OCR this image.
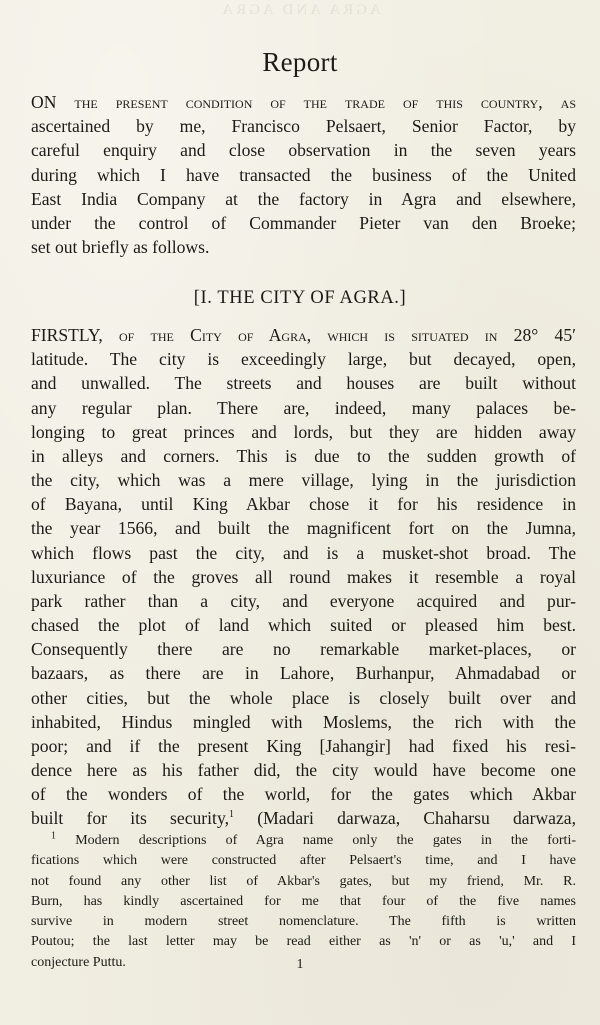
AGRA AND AGRA
Report
ON the present condition of the trade of this country, as
ascertained by me, Francisco Pelsaert, Senior Factor, by
careful enquiry and close observation in the seven years
during which I have transacted the business of the United
East India Company at the factory in Agra and elsewhere,
under the control of Commander Pieter van den Broeke;
set out briefly as follows.
[I. THE CITY OF AGRA.]
FIRSTLY, of the City of Agra, which is situated in 28° 45′
latitude. The city is exceedingly large, but decayed, open,
and unwalled. The streets and houses are built without
any regular plan. There are, indeed, many palaces be-
longing to great princes and lords, but they are hidden away
in alleys and corners. This is due to the sudden growth of
the city, which was a mere village, lying in the jurisdiction
of Bayana, until King Akbar chose it for his residence in
the year 1566, and built the magnificent fort on the Jumna,
which flows past the city, and is a musket-shot broad. The
luxuriance of the groves all round makes it resemble a royal
park rather than a city, and everyone acquired and pur-
chased the plot of land which suited or pleased him best.
Consequently there are no remarkable market-places, or
bazaars, as there are in Lahore, Burhanpur, Ahmadabad or
other cities, but the whole place is closely built over and
inhabited, Hindus mingled with Moslems, the rich with the
poor; and if the present King [Jahangir] had fixed his resi-
dence here as his father did, the city would have become one
of the wonders of the world, for the gates which Akbar
built for its security,$^1$ (Madari darwaza, Chaharsu darwaza,
$^1$ Modern descriptions of Agra name only the gates in the forti-
fications which were constructed after Pelsaert's time, and I have
not found any other list of Akbar's gates, but my friend, Mr. R.
Burn, has kindly ascertained for me that four of the five names
survive in modern street nomenclature. The fifth is written
Poutou; the last letter may be read either as 'n' or as 'u,' and I
conjecture Puttu.	1
